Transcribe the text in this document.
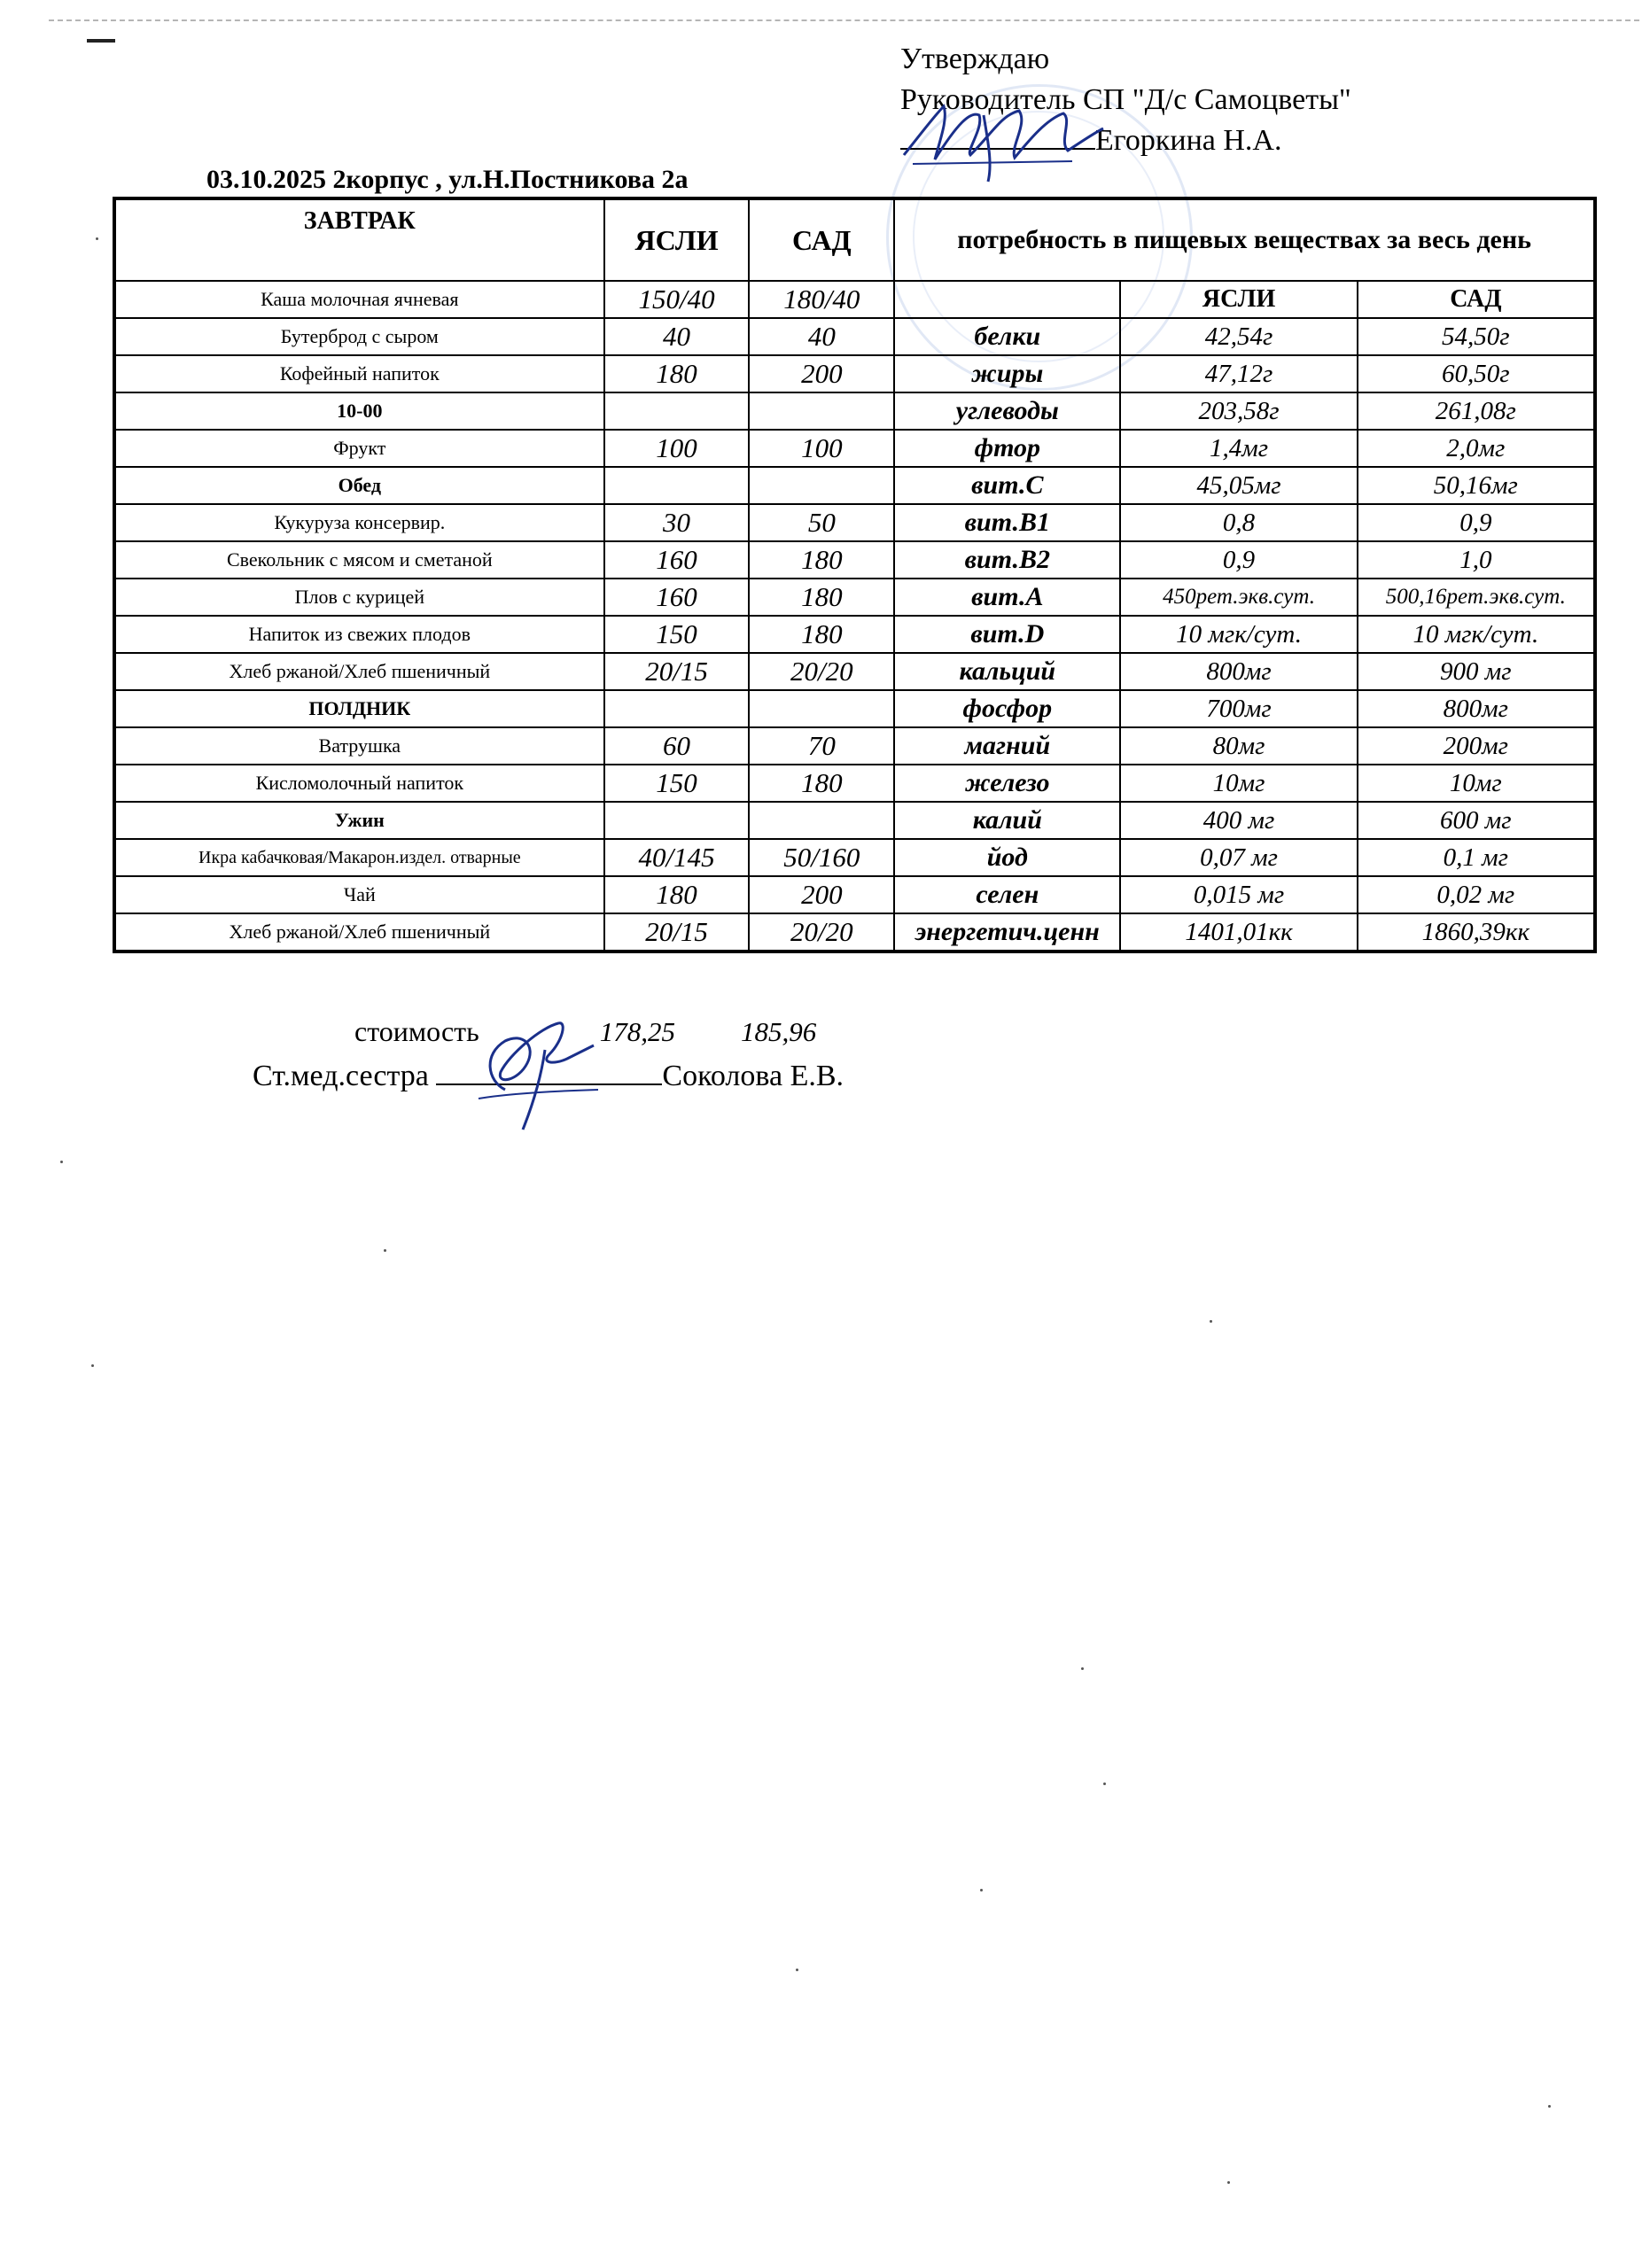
Утверждаю
Руководитель СП "Д/с Самоцветы"
Егоркина Н.А.
03.10.2025 2корпус , ул.Н.Постникова 2а
ЗАВТРАК	ЯСЛИ	САД	потребность в пищевых веществах за весь день		
Каша молочная ячневая	150/40	180/40		ЯСЛИ	САД
Бутерброд с сыром	40	40	белки	42,54г	54,50г
Кофейный напиток	180	200	жиры	47,12г	60,50г
10-00			углеводы	203,58г	261,08г
Фрукт	100	100	фтор	1,4мг	2,0мг
Обед			вит.С	45,05мг	50,16мг
Кукуруза консервир.	30	50	вит.В1	0,8	0,9
Свекольник с мясом и сметаной	160	180	вит.В2	0,9	1,0
Плов с курицей	160	180	вит.А	450рет.экв.сут.	500,16рет.экв.сут.
Напиток из свежих плодов	150	180	вит.D	10 мгк/сут.	10 мгк/сут.
Хлеб ржаной/Хлеб пшеничный	20/15	20/20	кальций	800мг	900 мг
ПОЛДНИК			фосфор	700мг	800мг
Ватрушка	60	70	магний	80мг	200мг
Кисломолочный напиток	150	180	железо	10мг	10мг
Ужин			калий	400 мг	600 мг
Икра кабачковая/Макарон.издел. отварные	40/145	50/160	йод	0,07 мг	0,1 мг
Чай	180	200	селен	0,015 мг	0,02 мг
Хлеб ржаной/Хлеб пшеничный	20/15	20/20	энергетич.ценн	1401,01кк	1860,39кк
стоимость	178,25 185,96
Ст.мед.сестра	Соколова Е.В.
